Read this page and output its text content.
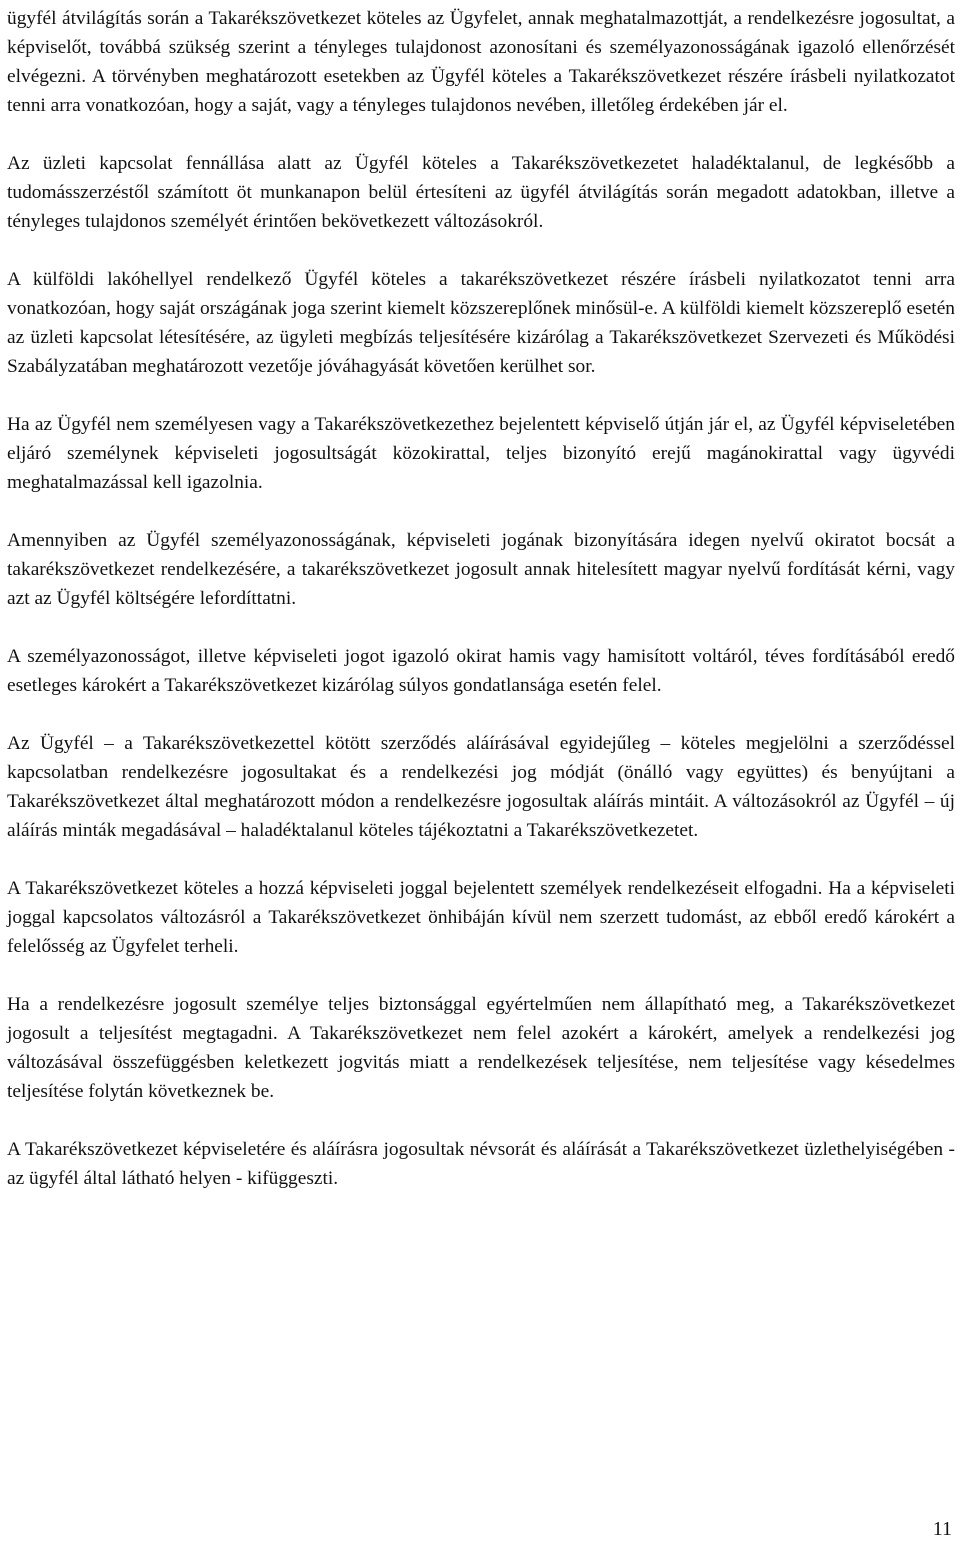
ügyfél átvilágítás során a Takarékszövetkezet köteles az Ügyfelet, annak meghatalmazottját, a rendelkezésre jogosultat, a képviselőt, továbbá szükség szerint a tényleges tulajdonost azonosítani és személyazonosságának igazoló ellenőrzését elvégezni. A törvényben meghatározott esetekben az Ügyfél köteles a Takarékszövetkezet részére írásbeli nyilatkozatot tenni arra vonatkozóan, hogy a saját, vagy a tényleges tulajdonos nevében, illetőleg érdekében jár el.

Az üzleti kapcsolat fennállása alatt az Ügyfél köteles a Takarékszövetkezetet haladéktalanul, de legkésőbb a tudomásszerzéstől számított öt munkanapon belül értesíteni az ügyfél átvilágítás során megadott adatokban, illetve a tényleges tulajdonos személyét érintően bekövetkezett változásokról.

A külföldi lakóhellyel rendelkező Ügyfél köteles a takarékszövetkezet részére írásbeli nyilatkozatot tenni arra vonatkozóan, hogy saját országának joga szerint kiemelt közszereplőnek minősül-e. A külföldi kiemelt közszereplő esetén az üzleti kapcsolat létesítésére, az ügyleti megbízás teljesítésére kizárólag a Takarékszövetkezet Szervezeti és Működési Szabályzatában meghatározott vezetője jóváhagyását követően kerülhet sor.

Ha az Ügyfél nem személyesen vagy a Takarékszövetkezethez bejelentett képviselő útján jár el, az Ügyfél képviseletében eljáró személynek képviseleti jogosultságát közokirattal, teljes bizonyító erejű magánokirattal vagy ügyvédi meghatalmazással kell igazolnia.

Amennyiben az Ügyfél személyazonosságának, képviseleti jogának bizonyítására idegen nyelvű okiratot bocsát a takarékszövetkezet rendelkezésére, a takarékszövetkezet jogosult annak hitelesített magyar nyelvű fordítását kérni, vagy azt az Ügyfél költségére lefordíttatni.

A személyazonosságot, illetve képviseleti jogot igazoló okirat hamis vagy hamisított voltáról, téves fordításából eredő esetleges károkért a Takarékszövetkezet kizárólag súlyos gondatlansága esetén felel.

Az Ügyfél – a Takarékszövetkezettel kötött szerződés aláírásával egyidejűleg – köteles megjelölni a szerződéssel kapcsolatban rendelkezésre jogosultakat és a rendelkezési jog módját (önálló vagy együttes) és benyújtani a Takarékszövetkezet által meghatározott módon a rendelkezésre jogosultak aláírás mintáit. A változásokról az Ügyfél – új aláírás minták megadásával – haladéktalanul köteles tájékoztatni a Takarékszövetkezetet.

A Takarékszövetkezet köteles a hozzá képviseleti joggal bejelentett személyek rendelkezéseit elfogadni. Ha a képviseleti joggal kapcsolatos változásról a Takarékszövetkezet önhibáján kívül nem szerzett tudomást, az ebből eredő károkért a felelősség az Ügyfelet terheli.

Ha a rendelkezésre jogosult személye teljes biztonsággal egyértelműen nem állapítható meg, a Takarékszövetkezet jogosult a teljesítést megtagadni. A Takarékszövetkezet nem felel azokért a károkért, amelyek a rendelkezési jog változásával összefüggésben keletkezett jogvitás miatt a rendelkezések teljesítése, nem teljesítése vagy késedelmes teljesítése folytán következnek be.

A Takarékszövetkezet képviseletére és aláírásra jogosultak névsorát és aláírását a Takarékszövetkezet üzlethelyiségében - az ügyfél által látható helyen - kifüggeszti.

11
